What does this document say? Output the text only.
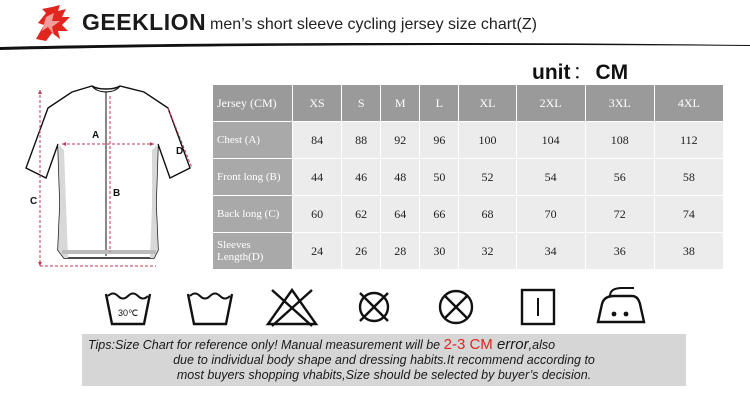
GEEKLION men’s short sleeve cycling jersey size chart(Z)
unit：CM
A
B
C
D
Jersey (CM)	XS	S	M	L	XL	2XL	3XL	4XL
Chest (A)	84	88	92	96	100	104	108	112
Front long (B)	44	46	48	50	52	54	56	58
Back long (C)	60	62	64	66	68	70	72	74
Sleeves Length(D)	24	26	28	30	32	34	36	38
30℃

Tips:Size Chart for reference only! Manual measurement will be 2-3 CM error,also

due to individual body shape and dressing habits.It recommend according to

most buyers shopping vhabits,Size should be selected by buyer’s decision.
